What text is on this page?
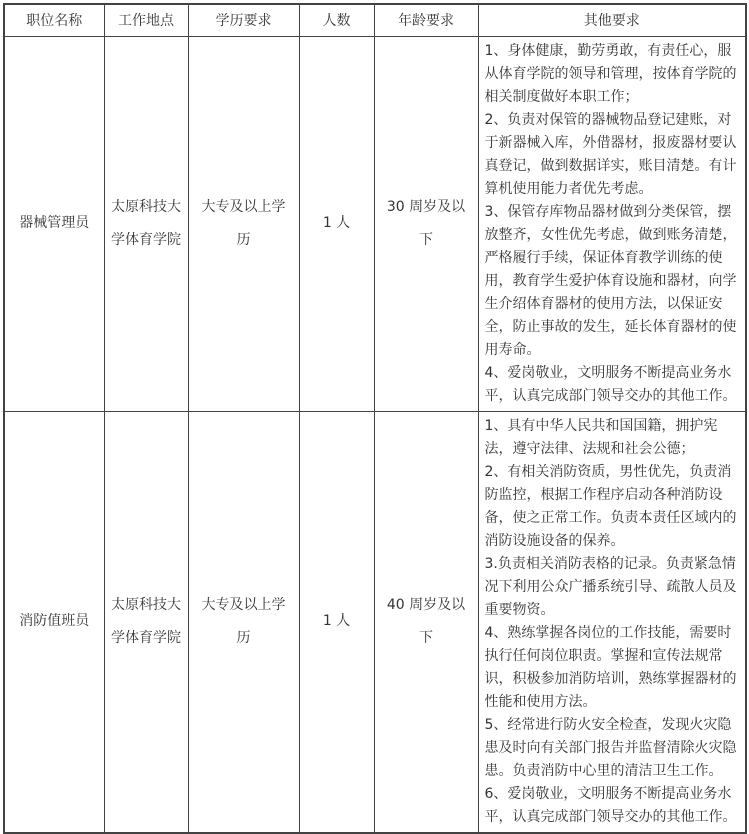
职位名称	工作地点	学历要求	人数	年龄要求	其他要求
器械管理员	太原科技大学体育学院	大专及以上学历	1 人	30 周岁及以下	1、身体健康，勤劳勇敢，有责任心，服从体育学院的领导和管理，按体育学院的相关制度做好本职工作；

2、负责对保管的器械物品登记建账，对于新器械入库，外借器材，报废器材要认真登记，做到数据详实，账目清楚。有计算机使用能力者优先考虑。

3、保管存库物品器材做到分类保管，摆放整齐，女性优先考虑，做到账务清楚，严格履行手续，保证体育教学训练的使用，教育学生爱护体育设施和器材，向学生介绍体育器材的使用方法，以保证安全，防止事故的发生，延长体育器材的使用寿命。

4、爱岗敬业，文明服务不断提高业务水平，认真完成部门领导交办的其他工作。

消防值班员	太原科技大学体育学院	大专及以上学历	1 人	40 周岁及以下	

1、具有中华人民共和国国籍，拥护宪法，遵守法律、法规和社会公德；

2、有相关消防资质，男性优先，负责消防监控，根据工作程序启动各种消防设备，使之正常工作。负责本责任区域内的消防设施设备的保养。

3.负责相关消防表格的记录。负责紧急情况下利用公众广播系统引导、疏散人员及重要物资。

4、熟练掌握各岗位的工作技能，需要时执行任何岗位职责。掌握和宣传法规常识，积极参加消防培训，熟练掌握器材的性能和使用方法。

5、经常进行防火安全检查，发现火灾隐患及时向有关部门报告并监督清除火灾隐患。负责消防中心里的清洁卫生工作。

6、爱岗敬业，文明服务不断提高业务水平，认真完成部门领导交办的其他工作。
